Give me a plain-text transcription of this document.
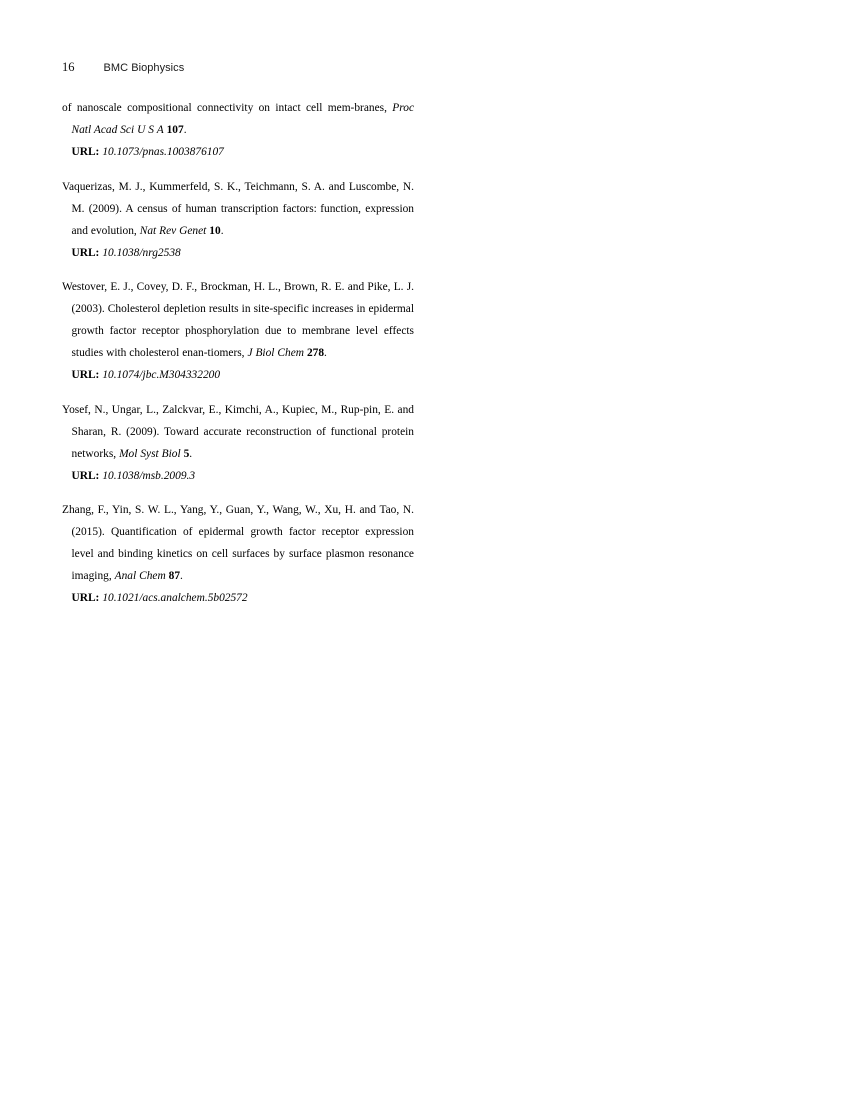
16	BMC Biophysics

of nanoscale compositional connectivity on intact cell mem-branes, Proc Natl Acad Sci U S A 107.

URL: 10.1073/pnas.1003876107

Vaquerizas, M. J., Kummerfeld, S. K., Teichmann, S. A. and Luscombe, N. M. (2009). A census of human transcription factors: function, expression and evolution, Nat Rev Genet 10.

URL: 10.1038/nrg2538

Westover, E. J., Covey, D. F., Brockman, H. L., Brown, R. E. and Pike, L. J. (2003). Cholesterol depletion results in site-specific increases in epidermal growth factor receptor phosphorylation due to membrane level effects studies with cholesterol enan-tiomers, J Biol Chem 278.

URL: 10.1074/jbc.M304332200

Yosef, N., Ungar, L., Zalckvar, E., Kimchi, A., Kupiec, M., Rup-pin, E. and Sharan, R. (2009). Toward accurate reconstruction of functional protein networks, Mol Syst Biol 5.

URL: 10.1038/msb.2009.3

Zhang, F., Yin, S. W. L., Yang, Y., Guan, Y., Wang, W., Xu, H. and Tao, N. (2015). Quantification of epidermal growth factor receptor expression level and binding kinetics on cell surfaces by surface plasmon resonance imaging, Anal Chem 87.

URL: 10.1021/acs.analchem.5b02572
